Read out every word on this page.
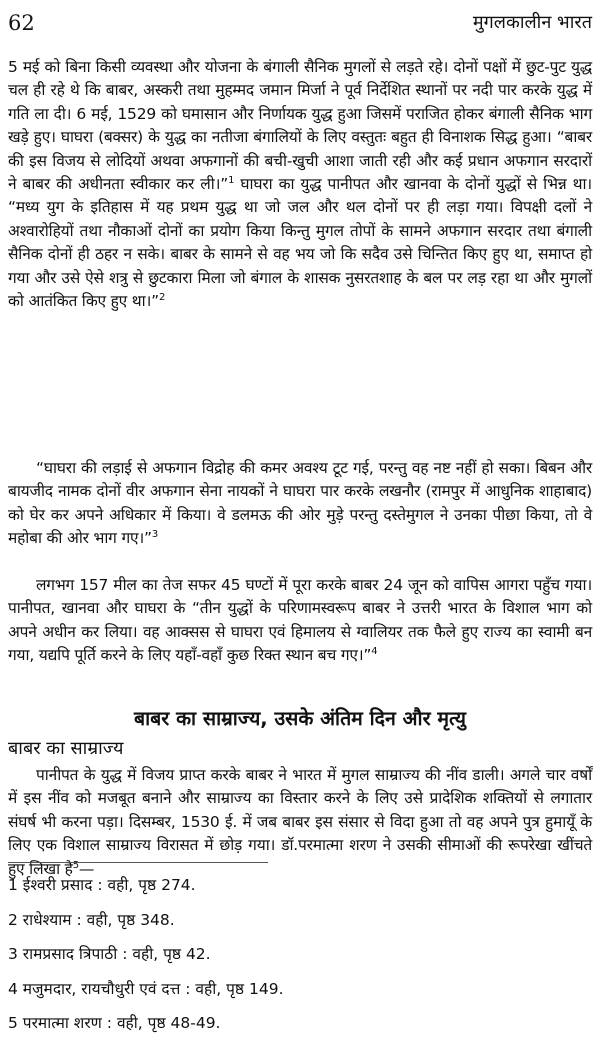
62	मुगलकालीन भारत

5 मई को बिना किसी व्यवस्था और योजना के बंगाली सैनिक मुगलों से लड़ते रहे। दोनों पक्षों में छुट-पुट युद्ध चल ही रहे थे कि बाबर, अस्करी तथा मुहम्मद जमान मिर्जा ने पूर्व निर्देशित स्थानों पर नदी पार करके युद्ध में गति ला दी। 6 मई, 1529 को घमासान और निर्णायक युद्ध हुआ जिसमें पराजित होकर बंगाली सैनिक भाग खड़े हुए। घाघरा (बक्सर) के युद्ध का नतीजा बंगालियों के लिए वस्तुतः बहुत ही विनाशक सिद्ध हुआ। “बाबर की इस विजय से लोदियों अथवा अफगानों की बची-खुची आशा जाती रही और कई प्रधान अफगान सरदारों ने बाबर की अधीनता स्वीकार कर ली।”$^1$ घाघरा का युद्ध पानीपत और खानवा के दोनों युद्धों से भिन्न था। “मध्य युग के इतिहास में यह प्रथम युद्ध था जो जल और थल दोनों पर ही लड़ा गया। विपक्षी दलों ने अश्वारोहियों तथा नौकाओं दोनों का प्रयोग किया किन्तु मुगल तोपों के सामने अफगान सरदार तथा बंगाली सैनिक दोनों ही ठहर न सके। बाबर के सामने से वह भय जो कि सदैव उसे चिन्तित किए हुए था, समाप्त हो गया और उसे ऐसे शत्रु से छुटकारा मिला जो बंगाल के शासक नुसरतशाह के बल पर लड़ रहा था और मुगलों को आतंकित किए हुए था।”$^2$

“घाघरा की लड़ाई से अफगान विद्रोह की कमर अवश्य टूट गई, परन्तु वह नष्ट नहीं हो सका। बिबन और बायजीद नामक दोनों वीर अफगान सेना नायकों ने घाघरा पार करके लखनौर (रामपुर में आधुनिक शाहाबाद) को घेर कर अपने अधिकार में किया। वे डलमऊ की ओर मुड़े परन्तु दस्तेमुगल ने उनका पीछा किया, तो वे महोबा की ओर भाग गए।”$^3$

लगभग 157 मील का तेज सफर 45 घण्टों में पूरा करके बाबर 24 जून को वापिस आगरा पहुँच गया। पानीपत, खानवा और घाघरा के “तीन युद्धों के परिणामस्वरूप बाबर ने उत्तरी भारत के विशाल भाग को अपने अधीन कर लिया। वह आक्सस से घाघरा एवं हिमालय से ग्वालियर तक फैले हुए राज्य का स्वामी बन गया, यद्यपि पूर्ति करने के लिए यहाँ-वहाँ कुछ रिक्त स्थान बच गए।”$^4$

बाबर का साम्राज्य, उसके अंतिम दिन और मृत्यु
बाबर का साम्राज्य

पानीपत के युद्ध में विजय प्राप्त करके बाबर ने भारत में मुगल साम्राज्य की नींव डाली। अगले चार वर्षों में इस नींव को मजबूत बनाने और साम्राज्य का विस्तार करने के लिए उसे प्रादेशिक शक्तियों से लगातार संघर्ष भी करना पड़ा। दिसम्बर, 1530 ई. में जब बाबर इस संसार से विदा हुआ तो वह अपने पुत्र हुमायूँ के लिए एक विशाल साम्राज्य विरासत में छोड़ गया। डॉ.परमात्मा शरण ने उसकी सीमाओं की रूपरेखा खींचते हुए लिखा है$^5$—

1 ईश्वरी प्रसाद : वही, पृष्ठ 274.
2 राधेश्याम : वही, पृष्ठ 348.
3 रामप्रसाद त्रिपाठी : वही, पृष्ठ 42.
4 मजुमदार, रायचौधुरी एवं दत्त : वही, पृष्ठ 149.
5 परमात्मा शरण : वही, पृष्ठ 48-49.
